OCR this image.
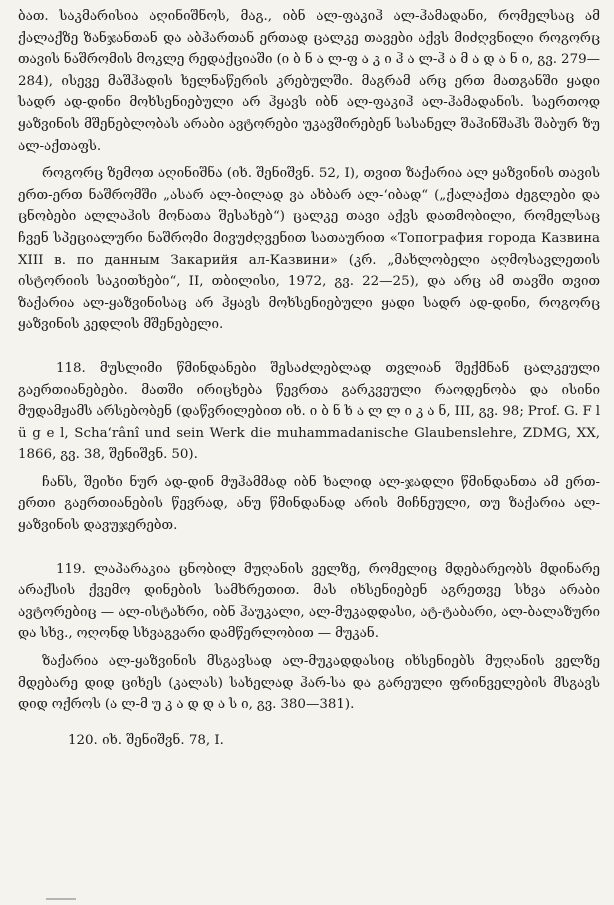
ბათ. საკმარისია აღინიშნოს, მაგ., იბნ ალ-ფაკიჰ ალ-ჰამადანი, რომელსაც ამ ქალაქზე ზანჯანთან და აბჰართან ერთად ცალკე თავები აქვს მიძღვნილი როგორც თავის ნაშრომის მოკლე რედაქციაში (ი ბ ნ ა ლ-ფ ა კ ი ჰ ა ლ-ჰ ა მ ა დ ა ნ ი, გვ. 279—284), ისევე მაშჰადის ხელნაწერის კრებულში. მაგრამ არც ერთ მათგანში ყადი სადრ ად-დინი მოხსენიებული არ ჰყავს იბნ ალ-ფაკიჰ ალ-ჰამადანის. საერთოდ ყაზვინის მშენებლობას არაბი ავტორები უკავშირებენ სასანელ შაჰინშაჰს შაბურ ზუ ალ-აქთაფს.

როგორც ზემოთ აღინიშნა (იხ. შენიშვნ. 52, I), თვით ზაქარია ალ ყაზვინის თავის ერთ-ერთ ნაშრომში „ასარ ალ-ბილად ვა ახბარ ალ-‘იბად“ („ქალაქთა ძეგლები და ცნობები ალლაჰის მონათა შესახებ“) ცალკე თავი აქვს დათმობილი, რომელსაც ჩვენ სპეციალური ნაშრომი მივუძღვენით სათაურით «Топография города Казвина XIII в. по данным Закарийя ал-Казвини» (კრ. „მახლობელი აღმოსავლეთის ისტორიის საკითხები“, II, თბილისი, 1972, გვ. 22—25), და არც ამ თავში თვით ზაქარია ალ-ყაზვინისაც არ ჰყავს მოხსენიებული ყადი სადრ ად-დინი, როგორც ყაზვინის კედლის მშენებელი.

118. მუსლიმი წმინდანები შესაძლებლად თვლიან შექმნან ცალკეული გაერთიანებები. მათში ირიცხება წევრთა გარკვეული რაოდენობა და ისინი მუდამჟამს არსებობენ (დაწვრილებით იხ. ი ბ ნ ხ ა ლ ლ ი კ ა ნ, III, გვ. 98; Prof. G. F l ü g e l, Scha‘rânî und sein Werk die muhammadanische Glaubenslehre, ZDMG, XX, 1866, გვ. 38, შენიშვნ. 50).

ჩანს, შეიხი ნურ ად-დინ მუჰამმად იბნ ხალიდ ალ-ჯადლი წმინდანთა ამ ერთ-ერთი გაერთიანების წევრად, ანუ წმინდანად არის მიჩნეული, თუ ზაქარია ალ-ყაზვინის დავუჯერებთ.

119. ლაპარაკია ცნობილ მუღანის ველზე, რომელიც მდებარეობს მდინარე არაქსის ქვემო დინების სამხრეთით. მას იხსენიებენ აგრეთვე სხვა არაბი ავტორებიც — ალ-ისტახრი, იბნ ჰაუკალი, ალ-მუკადდასი, ატ-ტაბარი, ალ-ბალაზური და სხვ., ოღონდ სხვაგვარი დამწერლობით — მუკან.

ზაქარია ალ-ყაზვინის მსგავსად ალ-მუკადდასიც იხსენიებს მუღანის ველზე მდებარე დიდ ციხეს (კალას) სახელად ჰარ-სა და გარეული ფრინველების მსგავს დიდ ოქროს (ა ლ-მ უ კ ა დ დ ა ს ი, გვ. 380—381).

120. იხ. შენიშვნ. 78, I.
